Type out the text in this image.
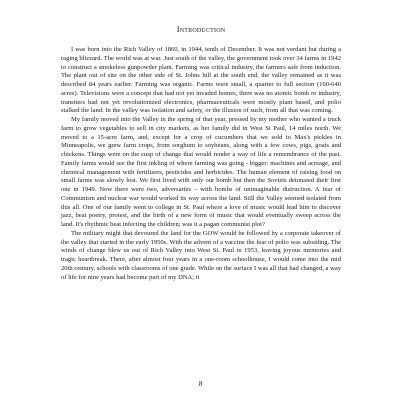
Introduction

I was born into the Rich Valley of 1860, in 1944, tenth of December. It was not verdant but during a raging blizzard. The world was at war. Just south of the valley, the government took over 34 farms in 1942 to construct a smokeless gunpowder plant. Farming was critical industry, the farmers safe from induction. The plant out of site on the other side of St. Johns hill at the south end, the valley remained as it was described 84 years earlier. Farming was organic. Farms were small, a quarter to full section (160-640 acres). Televisions were a concept that had not yet invaded homes, there was no atomic bomb or industry, transiters had not yet revolutionized electronics, pharmaceuticals were mostly plant based, and polio stalked the land. In the valley was isolation and safety, or the illusion of such, from all that was coming.

My family moved into the Valley in the spring of that year, pressed by my mother who wanted a truck farm to grow vegetables to sell in city markets, as her family did in West St Paul, 14 miles north. We moved to a 15-acre farm, and, except for a crop of cucumbers that we sold to Max's pickles in Minneapolis, we grew farm crops, from sorghum to soybeans, along with a few cows, pigs, goats and chickens. Things were on the cusp of change that would render a way of life a remembrance of the past. Family farms would see the first inkling of where farming was going - bigger: machines and acreage, and chemical management with fertilizers, pesticides and herbicides. The human element of raising food on small farms was slowly lost. We first lived with only our bomb but then the Soviets detonated their first one in 1949. Now there were two, adversaries – with bombs of unimaginable distruction. A fear of Communism and nuclear war would worked its way across the land. Still the Valley seemed isolated from this all. One of our family went to college in St. Paul where a love of music would lead him to discover jazz, beat poetry, protest, and the birth of a new form of music that would eventually sweep across the land. It's rhythmic beat infecting the children; was it a pagan communist plot?

The military might that devoured the land for the GOW would be followed by a corporate takeover of the valley that started in the early 1950s. With the advent of a vaccine the fear of polio was subsiding. The winds of change blew us out of Rich Valley into West St. Paul in 1953, leaving joyous memories and tragic heartbreak. There, after almost four years in a one-room schoolhouse, I would come into the mid 20th century, schools with classrooms of one grade. While on the surface I was all that had changed, a way of life for nine years had become part of my DNA; it

8
